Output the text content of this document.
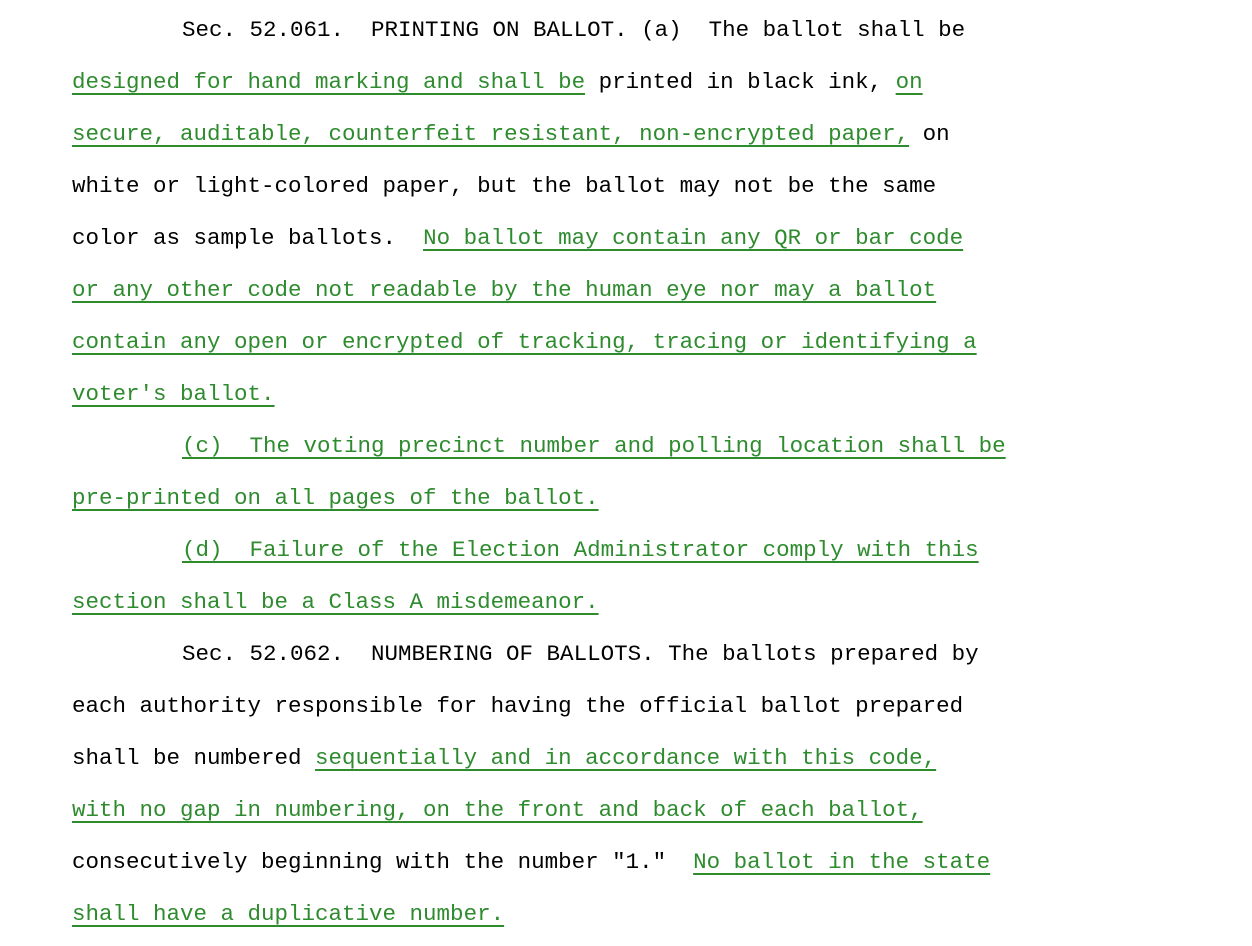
Sec. 52.061.  PRINTING ON BALLOT. (a)  The ballot shall be
designed for hand marking and shall be printed in black ink, on
secure, auditable, counterfeit resistant, non-encrypted paper, on
white or light-colored paper, but the ballot may not be the same
color as sample ballots.  No ballot may contain any QR or bar code
or any other code not readable by the human eye nor may a ballot
contain any open or encrypted of tracking, tracing or identifying a
voter's ballot.
(c)  The voting precinct number and polling location shall be
pre-printed on all pages of the ballot.
(d)  Failure of the Election Administrator comply with this
section shall be a Class A misdemeanor.
Sec. 52.062.  NUMBERING OF BALLOTS. The ballots prepared by
each authority responsible for having the official ballot prepared
shall be numbered sequentially and in accordance with this code,
with no gap in numbering, on the front and back of each ballot,
consecutively beginning with the number "1."  No ballot in the state
shall have a duplicative number.
